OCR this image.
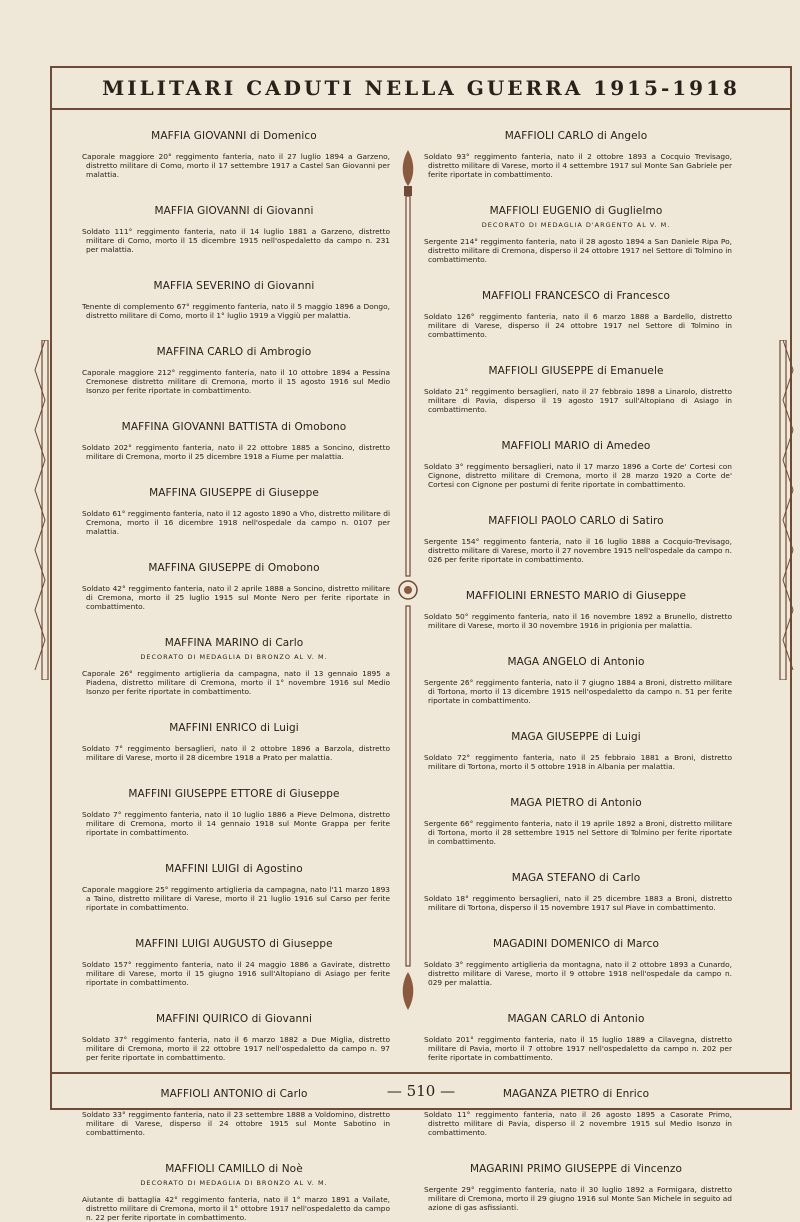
MILITARI CADUTI NELLA GUERRA 1915-1918

MAFFIA GIOVANNI di Domenico

Caporale maggiore 20° reggimento fanteria, nato il 27 luglio 1894 a Garzeno, distretto militare di Como, morto il 17 settembre 1917 a Castel San Giovanni per malattia.

MAFFIA GIOVANNI di Giovanni

Soldato 111° reggimento fanteria, nato il 14 luglio 1881 a Garzeno, distretto militare di Como, morto il 15 dicembre 1915 nell'ospedaletto da campo n. 231 per malattia.

MAFFIA SEVERINO di Giovanni

Tenente di complemento 67° reggimento fanteria, nato il 5 maggio 1896 a Dongo, distretto militare di Como, morto il 1° luglio 1919 a Viggiù per malattia.

MAFFINA CARLO di Ambrogio

Caporale maggiore 212° reggimento fanteria, nato il 10 ottobre 1894 a Pessina Cremonese distretto militare di Cremona, morto il 15 agosto 1916 sul Medio Isonzo per ferite riportate in combattimento.

MAFFINA GIOVANNI BATTISTA di Omobono

Soldato 202° reggimento fanteria, nato il 22 ottobre 1885 a Soncino, distretto militare di Cremona, morto il 25 dicembre 1918 a Fiume per malattia.

MAFFINA GIUSEPPE di Giuseppe

Soldato 61° reggimento fanteria, nato il 12 agosto 1890 a Vho, distretto militare di Cremona, morto il 16 dicembre 1918 nell'ospedale da campo n. 0107 per malattia.

MAFFINA GIUSEPPE di Omobono

Soldato 42° reggimento fanteria, nato il 2 aprile 1888 a Soncino, distretto militare di Cremona, morto il 25 luglio 1915 sul Monte Nero per ferite riportate in combattimento.

MAFFINA MARINO di Carlo

DECORATO DI MEDAGLIA DI BRONZO AL V. M.

Caporale 26° reggimento artiglieria da campagna, nato il 13 gennaio 1895 a Piadena, distretto militare di Cremona, morto il 1° novembre 1916 sul Medio Isonzo per ferite riportate in combattimento.

MAFFINI ENRICO di Luigi

Soldato 7° reggimento bersaglieri, nato il 2 ottobre 1896 a Barzola, distretto militare di Varese, morto il 28 dicembre 1918 a Prato per malattia.

MAFFINI GIUSEPPE ETTORE di Giuseppe

Soldato 7° reggimento fanteria, nato il 10 luglio 1886 a Pieve Delmona, distretto militare di Cremona, morto il 14 gennaio 1918 sul Monte Grappa per ferite riportate in combattimento.

MAFFINI LUIGI di Agostino

Caporale maggiore 25° reggimento artiglieria da campagna, nato l'11 marzo 1893 a Taino, distretto militare di Varese, morto il 21 luglio 1916 sul Carso per ferite riportate in combattimento.

MAFFINI LUIGI AUGUSTO di Giuseppe

Soldato 157° reggimento fanteria, nato il 24 maggio 1886 a Gavirate, distretto militare di Varese, morto il 15 giugno 1916 sull'Altopiano di Asiago per ferite riportate in combattimento.

MAFFINI QUIRICO di Giovanni

Soldato 37° reggimento fanteria, nato il 6 marzo 1882 a Due Miglia, distretto militare di Cremona, morto il 22 ottobre 1917 nell'ospedaletto da campo n. 97 per ferite riportate in combattimento.

MAFFIOLI ANTONIO di Carlo

Soldato 33° reggimento fanteria, nato il 23 settembre 1888 a Voldomino, distretto militare di Varese, disperso il 24 ottobre 1915 sul Monte Sabotino in combattimento.

MAFFIOLI CAMILLO di Noè

DECORATO DI MEDAGLIA DI BRONZO AL V. M.

Aiutante di battaglia 42° reggimento fanteria, nato il 1° marzo 1891 a Vailate, distretto militare di Cremona, morto il 1° ottobre 1917 nell'ospedaletto da campo n. 22 per ferite riportate in combattimento.

MAFFIOLI CARLO di Angelo

Soldato 93° reggimento fanteria, nato il 2 ottobre 1893 a Cocquio Trevisago, distretto militare di Varese, morto il 4 settembre 1917 sul Monte San Gabriele per ferite riportate in combattimento.

MAFFIOLI EUGENIO di Guglielmo

DECORATO DI MEDAGLIA D'ARGENTO AL V. M.

Sergente 214° reggimento fanteria, nato il 28 agosto 1894 a San Daniele Ripa Po, distretto militare di Cremona, disperso il 24 ottobre 1917 nel Settore di Tolmino in combattimento.

MAFFIOLI FRANCESCO di Francesco

Soldato 126° reggimento fanteria, nato il 6 marzo 1888 a Bardello, distretto militare di Varese, disperso il 24 ottobre 1917 nel Settore di Tolmino in combattimento.

MAFFIOLI GIUSEPPE di Emanuele

Soldato 21° reggimento bersaglieri, nato il 27 febbraio 1898 a Linarolo, distretto militare di Pavia, disperso il 19 agosto 1917 sull'Altopiano di Asiago in combattimento.

MAFFIOLI MARIO di Amedeo

Soldato 3° reggimento bersaglieri, nato il 17 marzo 1896 a Corte de' Cortesi con Cignone, distretto militare di Cremona, morto il 28 marzo 1920 a Corte de' Cortesi con Cignone per postumi di ferite riportate in combattimento.

MAFFIOLI PAOLO CARLO di Satiro

Sergente 154° reggimento fanteria, nato il 16 luglio 1888 a Cocquio-Trevisago, distretto militare di Varese, morto il 27 novembre 1915 nell'ospedale da campo n. 026 per ferite riportate in combattimento.

MAFFIOLINI ERNESTO MARIO di Giuseppe

Soldato 50° reggimento fanteria, nato il 16 novembre 1892 a Brunello, distretto militare di Varese, morto il 30 novembre 1916 in prigionia per malattia.

MAGA ANGELO di Antonio

Sergente 26° reggimento fanteria, nato il 7 giugno 1884 a Broni, distretto militare di Tortona, morto il 13 dicembre 1915 nell'ospedaletto da campo n. 51 per ferite riportate in combattimento.

MAGA GIUSEPPE di Luigi

Soldato 72° reggimento fanteria, nato il 25 febbraio 1881 a Broni, distretto militare di Tortona, morto il 5 ottobre 1918 in Albania per malattia.

MAGA PIETRO di Antonio

Sergente 66° reggimento fanteria, nato il 19 aprile 1892 a Broni, distretto militare di Tortona, morto il 28 settembre 1915 nel Settore di Tolmino per ferite riportate in combattimento.

MAGA STEFANO di Carlo

Soldato 18° reggimento bersaglieri, nato il 25 dicembre 1883 a Broni, distretto militare di Tortona, disperso il 15 novembre 1917 sul Piave in combattimento.

MAGADINI DOMENICO di Marco

Soldato 3° reggimento artiglieria da montagna, nato il 2 ottobre 1893 a Cunardo, distretto militare di Varese, morto il 9 ottobre 1918 nell'ospedale da campo n. 029 per malattia.

MAGAN CARLO di Antonio

Soldato 201° reggimento fanteria, nato il 15 luglio 1889 a Cilavegna, distretto militare di Pavia, morto il 7 ottobre 1917 nell'ospedaletto da campo n. 202 per ferite riportate in combattimento.

MAGANZA PIETRO di Enrico

Soldato 11° reggimento fanteria, nato il 26 agosto 1895 a Casorate Primo, distretto militare di Pavia, disperso il 2 novembre 1915 sul Medio Isonzo in combattimento.

MAGARINI PRIMO GIUSEPPE di Vincenzo

Sergente 29° reggimento fanteria, nato il 30 luglio 1892 a Formigara, distretto militare di Cremona, morto il 29 giugno 1916 sul Monte San Michele in seguito ad azione di gas asfissianti.

— 510 —
